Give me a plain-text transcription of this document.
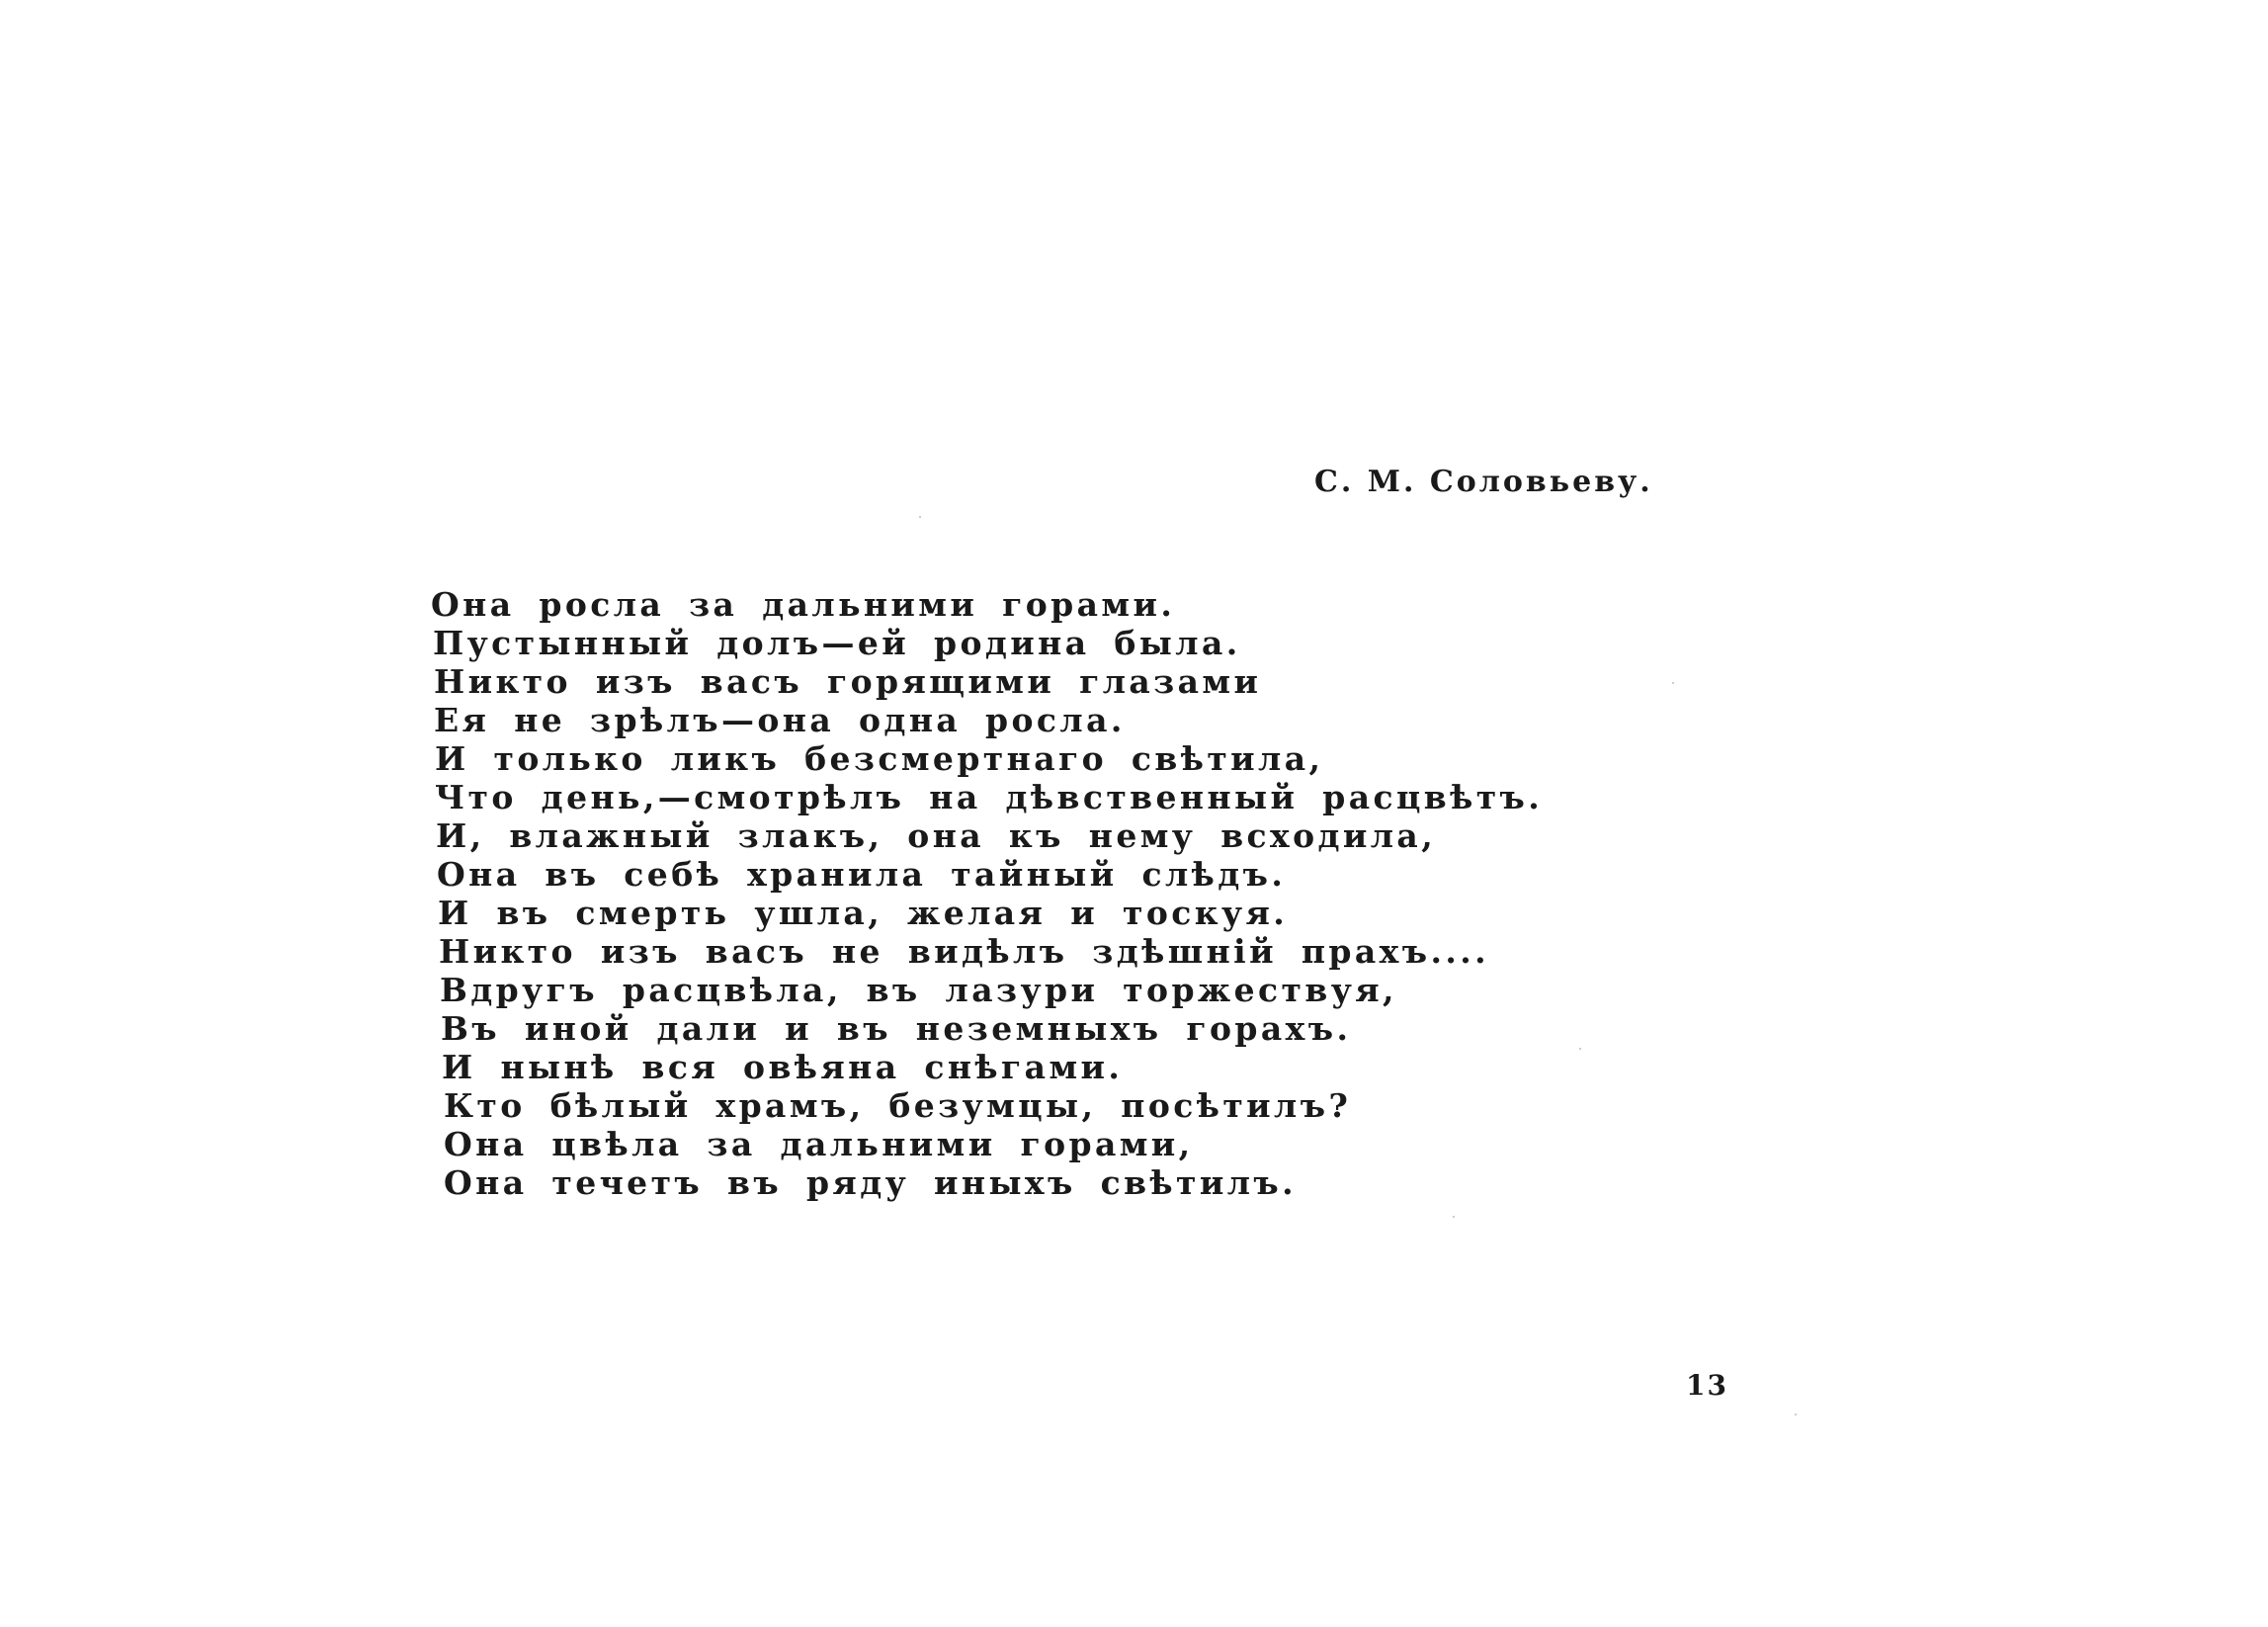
С. М. Соловьеву.
Она росла за дальними горами.
Пустынный долъ—ей родина была.
Никто изъ васъ горящими глазами
Ея не зрѣлъ—она одна росла.
И только ликъ безсмертнаго свѣтила,
Что день,—смотрѣлъ на дѣвственный расцвѣтъ.
И, влажный злакъ, она къ нему всходила,
Она въ себѣ хранила тайный слѣдъ.
И въ смерть ушла, желая и тоскуя.
Никто изъ васъ не видѣлъ здѣшній прахъ....
Вдругъ расцвѣла, въ лазури торжествуя,
Въ иной дали и въ неземныхъ горахъ.
И нынѣ вся овѣяна снѣгами.
Кто бѣлый храмъ, безумцы, посѣтилъ?
Она цвѣла за дальними горами,
Она течетъ въ ряду иныхъ свѣтилъ.
13
